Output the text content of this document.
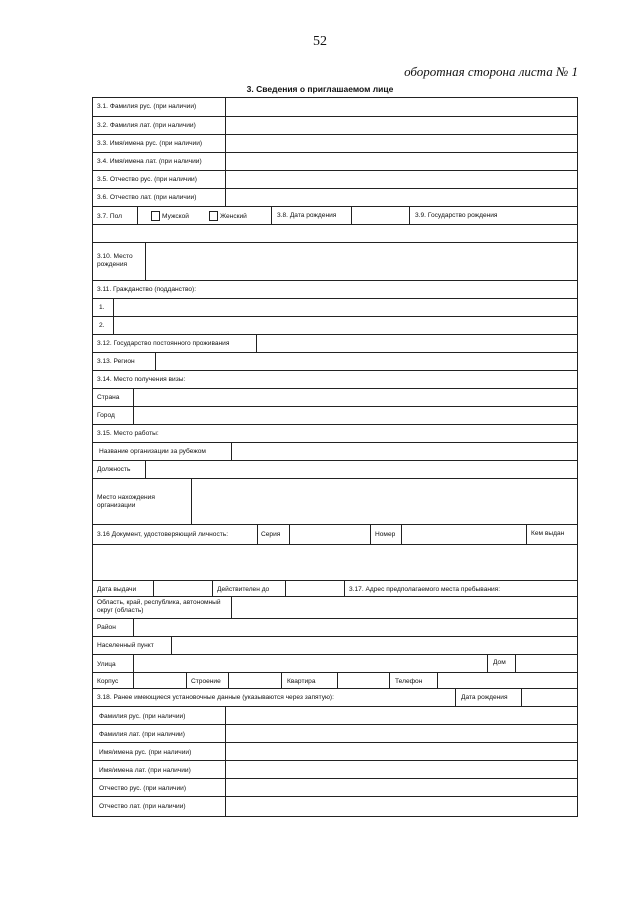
52
оборотная сторона листа № 1
3. Сведения о приглашаемом лице
3.1. Фамилия рус. (при наличии)
3.2. Фамилия лат. (при наличии)
3.3. Имя/имена рус. (при наличии)
3.4. Имя/имена лат. (при наличии)
3.5. Отчество рус. (при наличии)
3.6. Отчество лат. (при наличии)
3.7. Пол	Мужской	Женский	3.8. Дата рождения	3.9. Государство рождения
3.10. Место рождения
3.11. Гражданство (подданство):
1.
2.
3.12. Государство постоянного проживания
3.13. Регион
3.14. Место получения визы:
Страна
Город
3.15. Место работы:
Название организации за рубежом
Должность
Место нахождения организации
3.16 Документ, удостоверяющий личность:	Серия	Номер	Кем выдан
Дата выдачи	Действителен до	3.17. Адрес предполагаемого места пребывания:
Область, край, республика, автономный округ (область)
Район
Населенный пункт
Улица	Дом
Корпус	Строение	Квартира	Телефон
3.18. Ранее имеющиеся установочные данные (указываются через запятую):	Дата рождения
Фамилия рус. (при наличии)
Фамилия лат. (при наличии)
Имя/имена рус. (при наличии)
Имя/имена лат. (при наличии)
Отчество рус. (при наличии)
Отчество лат. (при наличии)
